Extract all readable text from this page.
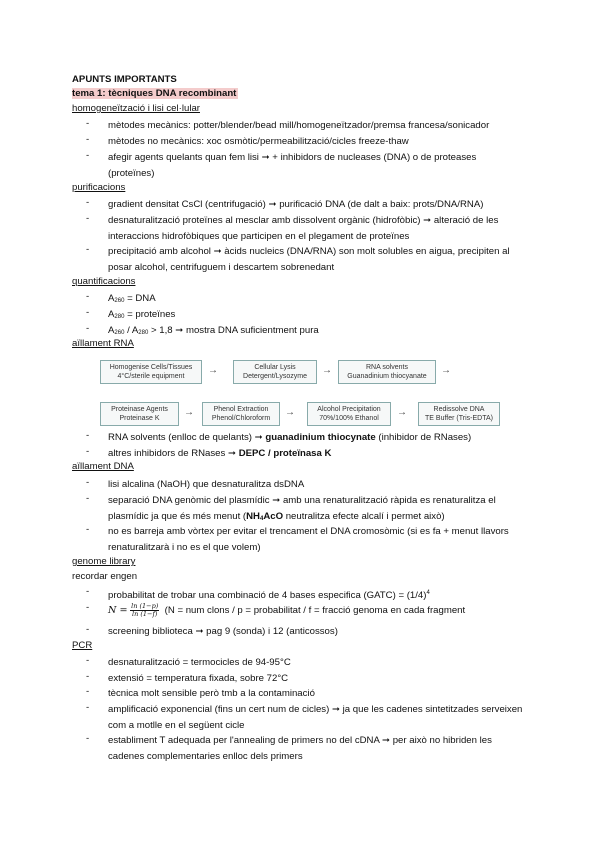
APUNTS IMPORTANTS
tema 1: tècniques DNA recombinant
homogeneïtzació i lisi cel·lular
- mètodes mecànics: potter/blender/bead mill/homogeneïtzador/premsa francesa/sonicador
- mètodes no mecànics: xoc osmòtic/permeabilització/cicles freeze-thaw
- afegir agents quelants quan fem lisi ➞ + inhibidors de nucleases (DNA) o de proteases (proteïnes)
purificacions
- gradient densitat CsCl (centrifugació) ➞ purificació DNA (de dalt a baix: prots/DNA/RNA)
- desnaturalització proteïnes al mesclar amb dissolvent orgànic (hidrofòbic) ➞ alteració de les interaccions hidrofòbiques que participen en el plegament de proteïnes
- precipitació amb alcohol ➞ àcids nucleics (DNA/RNA) son molt solubles en aigua, precipiten al posar alcohol, centrifuguem i descartem sobrenedant
quantificacions
- $A_{260}$ = DNA
- $A_{280}$ = proteïnes
- $A_{260} / A_{280} > 1,8$ ➞ mostra DNA suficientment pura
aïllament RNA
Homogenise Cells/Tissues
4°C/sterile equipment
→	Cellular Lysis
Detergent/Lysozyme
→	RNA solvents
Guanadinium thiocyanate
→
Proteinase Agents
Proteinase K
→	Phenol Extraction
Phenol/Chloroform
→	Alcohol Precipitation
70%/100% Ethanol
→	Redissolve DNA
TE Buffer (Tris-EDTA)
- RNA solvents (enlloc de quelants) ➞ guanadinium thiocynate (inhibidor de RNases)
- altres inhibidors de RNases ➞ DEPC / proteïnasa K
aïllament DNA
- lisi alcalina (NaOH) que desnaturalitza dsDNA
- separació DNA genòmic del plasmídic ➞ amb una renaturalització ràpida es renaturalitza el plasmídic ja que és més menut ($NH_4AcO$ neutralitza efecte alcalí i permet això)
- no es barreja amb vòrtex per evitar el trencament el DNA cromosòmic (si es fa + menut llavors renaturalitzarà i no es el que volem)
genome library
recordar engen
- probabilitat de trobar una combinació de 4 bases especifica (GATC) = $(1/4)^4$
- $N = \frac{\ln (1-p)}{\ln (1-f)} (N$ = num clons / p = probabilitat / f = fracció genoma en cada fragment
- screening biblioteca ➞ pag 9 (sonda) i 12 (anticossos)
PCR
- desnaturalització = termocicles de 94-95°C
- extensió = temperatura fixada, sobre 72°C
- tècnica molt sensible però tmb a la contaminació
- amplificació exponencial (fins un cert num de cicles) ➞ ja que les cadenes sintetitzades serveixen com a motlle en el següent cicle
- establiment T adequada per l'annealing de primers no del cDNA ➞ per això no hibriden les cadenes complementaries enlloc dels primers
